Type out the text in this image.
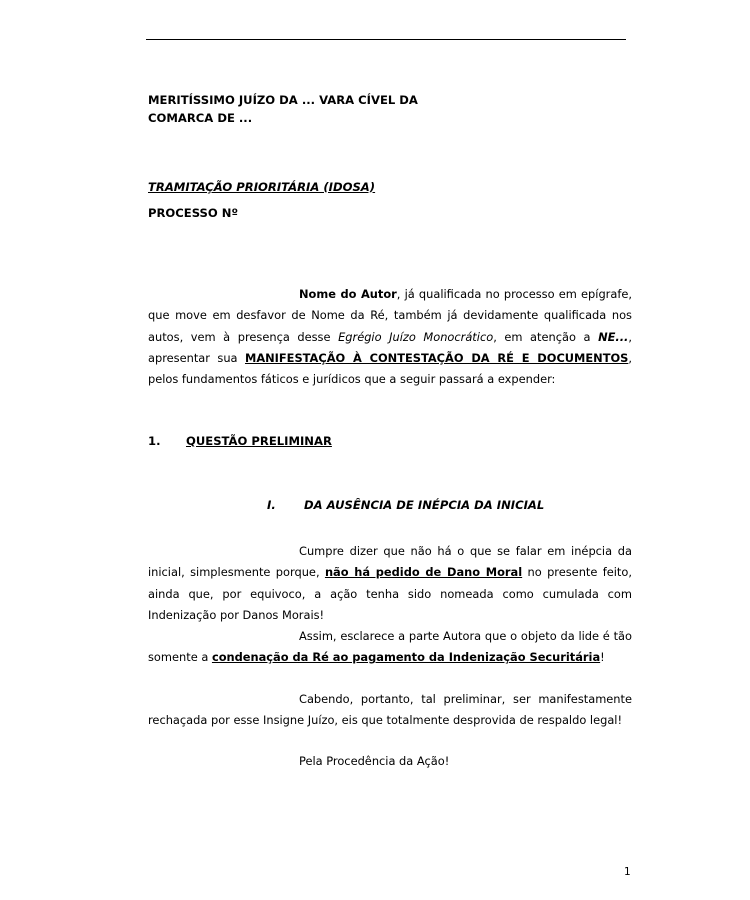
MERITÍSSIMO JUÍZO DA ... VARA CÍVEL DA
COMARCA DE ...
TRAMITAÇÃO PRIORITÁRIA (IDOSA)
PROCESSO Nº

Nome do Autor, já qualificada no processo em epígrafe, que move em desfavor de Nome da Ré, também já devidamente qualificada nos autos, vem à presença desse Egrégio Juízo Monocrático, em atenção a NE..., apresentar sua MANIFESTAÇÃO À CONTESTAÇÃO DA RÉ E DOCUMENTOS, pelos fundamentos fáticos e jurídicos que a seguir passará a expender:

1. QUESTÃO PRELIMINAR
I. DA AUSÊNCIA DE INÉPCIA DA INICIAL

Cumpre dizer que não há o que se falar em inépcia da inicial, simplesmente porque, não há pedido de Dano Moral no presente feito, ainda que, por equivoco, a ação tenha sido nomeada como cumulada com Indenização por Danos Morais!

Assim, esclarece a parte Autora que o objeto da lide é tão somente a condenação da Ré ao pagamento da Indenização Securitária!

Cabendo, portanto, tal preliminar, ser manifestamente rechaçada por esse Insigne Juízo, eis que totalmente desprovida de respaldo legal!

Pela Procedência da Ação!

1
